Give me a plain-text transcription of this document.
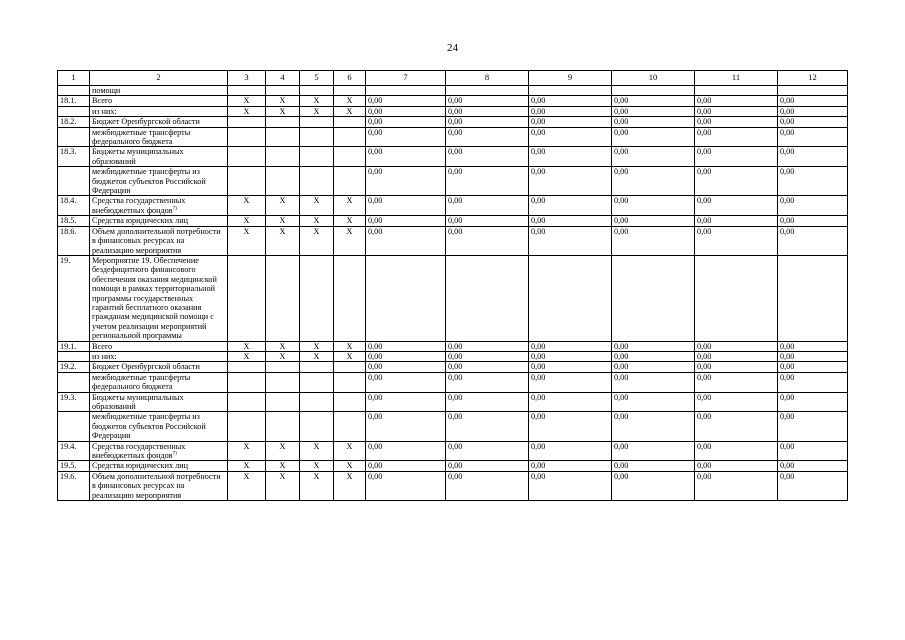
24
1	2	3	4	5	6	7	8	9	10	11	12
	помощи										
18.1.	Всего	X	X	X	X	0,00	0,00	0,00	0,00	0,00	0,00
	из них:	X	X	X	X	0,00	0,00	0,00	0,00	0,00	0,00
18.2.	Бюджет Оренбургской области					0,00	0,00	0,00	0,00	0,00	0,00
	межбюджетные трансферты федерального бюджета					0,00	0,00	0,00	0,00	0,00	0,00
18.3.	Бюджеты муниципальных образований					0,00	0,00	0,00	0,00	0,00	0,00
	межбюджетные трансферты из бюджетов субъектов Российской Федерации					0,00	0,00	0,00	0,00	0,00	0,00
18.4.	Средства государственных внебюджетных фондов$^{7)}$	X	X	X	X	0,00	0,00	0,00	0,00	0,00	0,00
18.5.	Средства юридических лиц	X	X	X	X	0,00	0,00	0,00	0,00	0,00	0,00
18.6.	Объем дополнительной потребности в финансовых ресурсах на реализацию мероприятия	X	X	X	X	0,00	0,00	0,00	0,00	0,00	0,00
19.	Мероприятие 19. Обеспечение бездефицитного финансового обеспечения оказания медицинской помощи в рамках территориальной программы государственных гарантий бесплатного оказания гражданам медицинской помощи с учетом реализации мероприятий региональной программы										
19.1.	Всего	X	X	X	X	0,00	0,00	0,00	0,00	0,00	0,00
	из них:	X	X	X	X	0,00	0,00	0,00	0,00	0,00	0,00
19.2.	Бюджет Оренбургской области					0,00	0,00	0,00	0,00	0,00	0,00
	межбюджетные трансферты федерального бюджета					0,00	0,00	0,00	0,00	0,00	0,00
19.3.	Бюджеты муниципальных образований					0,00	0,00	0,00	0,00	0,00	0,00
	межбюджетные трансферты из бюджетов субъектов Российской Федерации					0,00	0,00	0,00	0,00	0,00	0,00
19.4.	Средства государственных внебюджетных фондов$^{7)}$	X	X	X	X	0,00	0,00	0,00	0,00	0,00	0,00
19.5.	Средства юридических лиц	X	X	X	X	0,00	0,00	0,00	0,00	0,00	0,00
19.6.	Объем дополнительной потребности в финансовых ресурсах на реализацию мероприятия	X	X	X	X	0,00	0,00	0,00	0,00	0,00	0,00
